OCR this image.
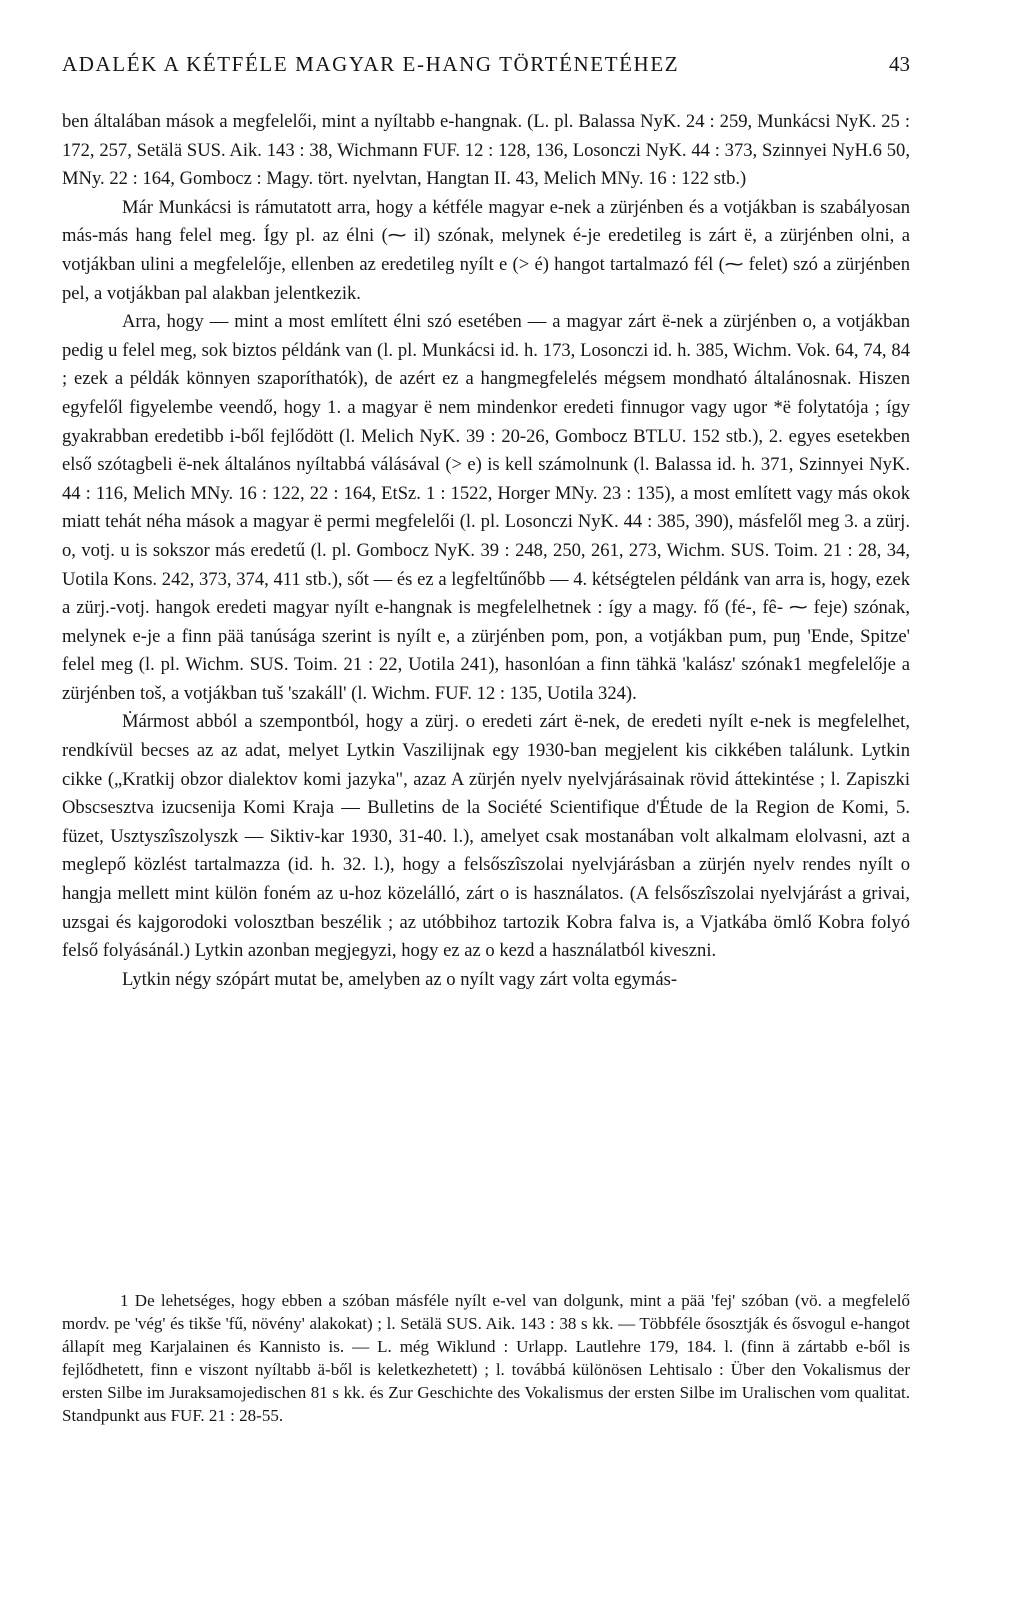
ADALÉK A KÉTFÉLE MAGYAR E-HANG TÖRTÉNETÉHEZ	43

ben általában mások a megfelelői, mint a nyíltabb e-hangnak. (L. pl. Balassa NyK. 24 : 259, Munkácsi NyK. 25 : 172, 257, Setälä SUS. Aik. 143 : 38, Wichmann FUF. 12 : 128, 136, Losonczi NyK. 44 : 373, Szinnyei NyH.6 50, MNy. 22 : 164, Gombocz : Magy. tört. nyelvtan, Hangtan II. 43, Melich MNy. 16 : 122 stb.)

Már Munkácsi is rámutatott arra, hogy a kétféle magyar e-nek a zürjénben és a votjákban is szabályosan más-más hang felel meg. Így pl. az élni (⁓ il) szónak, melynek é-je eredetileg is zárt ë, a zürjénben olni, a votjákban ulini a megfelelője, ellenben az eredetileg nyílt e (> é) hangot tartalmazó fél (⁓ felet) szó a zürjénben pel, a votjákban pal alakban jelentkezik.

Arra, hogy — mint a most említett élni szó esetében — a magyar zárt ë-nek a zürjénben o, a votjákban pedig u felel meg, sok biztos példánk van (l. pl. Munkácsi id. h. 173, Losonczi id. h. 385, Wichm. Vok. 64, 74, 84 ; ezek a példák könnyen szaporíthatók), de azért ez a hangmegfelelés mégsem mondható általánosnak. Hiszen egyfelől figyelembe veendő, hogy 1. a magyar ë nem mindenkor eredeti finnugor vagy ugor *ë folytatója ; így gyakrabban eredetibb i-ből fejlődött (l. Melich NyK. 39 : 20-26, Gombocz BTLU. 152 stb.), 2. egyes esetekben első szótagbeli ë-nek általános nyíltabbá válásával (> e) is kell számolnunk (l. Balassa id. h. 371, Szinnyei NyK. 44 : 116, Melich MNy. 16 : 122, 22 : 164, EtSz. 1 : 1522, Horger MNy. 23 : 135), a most említett vagy más okok miatt tehát néha mások a magyar ë permi megfelelői (l. pl. Losonczi NyK. 44 : 385, 390), másfelől meg 3. a zürj. o, votj. u is sokszor más eredetű (l. pl. Gombocz NyK. 39 : 248, 250, 261, 273, Wichm. SUS. Toim. 21 : 28, 34, Uotila Kons. 242, 373, 374, 411 stb.), sőt — és ez a legfeltűnőbb — 4. kétségtelen példánk van arra is, hogy, ezek a zürj.-votj. hangok eredeti magyar nyílt e-hangnak is megfelelhetnek : így a magy. fő (fé-, fê- ⁓ feje) szónak, melynek e-je a finn pää tanúsága szerint is nyílt e, a zürjénben pom, pon, a votjákban pum, puŋ 'Ende, Spitze' felel meg (l. pl. Wichm. SUS. Toim. 21 : 22, Uotila 241), hasonlóan a finn tähkä 'kalász' szónak1 megfelelője a zürjénben toš, a votjákban tuš 'szakáll' (l. Wichm. FUF. 12 : 135, Uotila 324).

Ṁármost abból a szempontból, hogy a zürj. o eredeti zárt ë-nek, de eredeti nyílt e-nek is megfelelhet, rendkívül becses az az adat, melyet Lytkin Vaszilijnak egy 1930-ban megjelent kis cikkében találunk. Lytkin cikke („Kratkij obzor dialektov komi jazyka", azaz A zürjén nyelv nyelvjárásainak rövid áttekintése ; l. Zapiszki Obscsesztva izucsenija Komi Kraja — Bulletins de la Société Scientifique d'Étude de la Region de Komi, 5. füzet, Usztyszîszolyszk — Siktiv-kar 1930, 31-40. l.), amelyet csak mostanában volt alkalmam elolvasni, azt a meglepő közlést tartalmazza (id. h. 32. l.), hogy a felsőszîszolai nyelvjárásban a zürjén nyelv rendes nyílt o hangja mellett mint külön foném az u-hoz közelálló, zárt o is használatos. (A felsőszîszolai nyelvjárást a grivai, uzsgai és kajgorodoki volosztban beszélik ; az utóbbihoz tartozik Kobra falva is, a Vjatkába ömlő Kobra folyó felső folyásánál.) Lytkin azonban megjegyzi, hogy ez az o kezd a használatból kiveszni.

Lytkin négy szópárt mutat be, amelyben az o nyílt vagy zárt volta egymás-

1 De lehetséges, hogy ebben a szóban másféle nyílt e-vel van dolgunk, mint a pää 'fej' szóban (vö. a megfelelő mordv. pe 'vég' és tikše 'fű, növény' alakokat) ; l. Setälä SUS. Aik. 143 : 38 s kk. — Többféle ősosztják és ősvogul e-hangot állapít meg Karjalainen és Kannisto is. — L. még Wiklund : Urlapp. Lautlehre 179, 184. l. (finn ä zártabb e-ből is fejlődhetett, finn e viszont nyíltabb ä-ből is keletkezhetett) ; l. továbbá különösen Lehtisalo : Über den Vokalismus der ersten Silbe im Juraksamojedischen 81 s kk. és Zur Geschichte des Vokalismus der ersten Silbe im Uralischen vom qualitat. Standpunkt aus FUF. 21 : 28-55.
